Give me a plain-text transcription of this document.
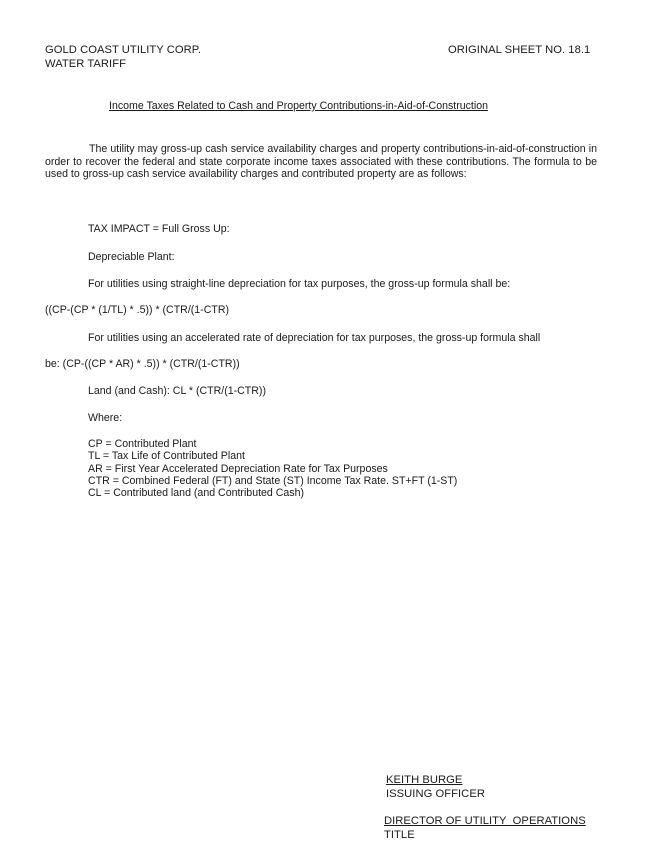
GOLD COAST UTILITY CORP.
WATER TARIFF
ORIGINAL SHEET NO. 18.1
Income Taxes Related to Cash and Property Contributions-in-Aid-of-Construction
The utility may gross-up cash service availability charges and property contributions-in-aid-of-construction in order to recover the federal and state corporate income taxes associated with these contributions. The formula to be used to gross-up cash service availability charges and contributed property are as follows:
TAX IMPACT = Full Gross Up:
Depreciable Plant:
For utilities using straight-line depreciation for tax purposes, the gross-up formula shall be:
((CP-(CP * (1/TL) * .5)) * (CTR/(1-CTR)
For utilities using an accelerated rate of depreciation for tax purposes, the gross-up formula shall
be: (CP-((CP * AR) * .5)) * (CTR/(1-CTR))
Land (and Cash): CL * (CTR/(1-CTR))
Where:
CP = Contributed Plant
TL = Tax Life of Contributed Plant
AR = First Year Accelerated Depreciation Rate for Tax Purposes
CTR = Combined Federal (FT) and State (ST) Income Tax Rate. ST+FT (1-ST)
CL = Contributed land (and Contributed Cash)
KEITH BURGE
ISSUING OFFICER
DIRECTOR OF UTILITY  OPERATIONS
TITLE
